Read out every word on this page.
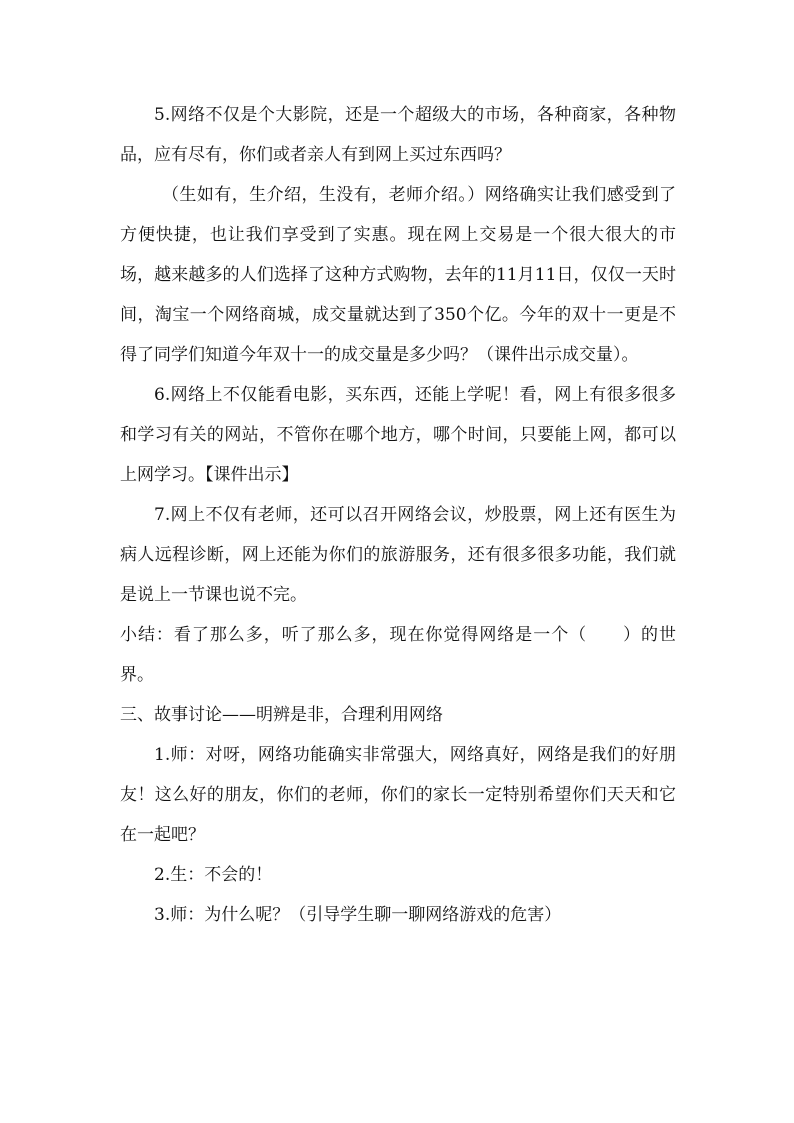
5.网络不仅是个大影院，还是一个超级大的市场，各种商家，各种物品，应有尽有，你们或者亲人有到网上买过东西吗？

（生如有，生介绍，生没有，老师介绍。）网络确实让我们感受到了方便快捷，也让我们享受到了实惠。现在网上交易是一个很大很大的市场，越来越多的人们选择了这种方式购物，去年的11月11日，仅仅一天时间，淘宝一个网络商城，成交量就达到了350个亿。今年的双十一更是不得了同学们知道今年双十一的成交量是多少吗？（课件出示成交量）。

6.网络上不仅能看电影，买东西，还能上学呢！看，网上有很多很多和学习有关的网站，不管你在哪个地方，哪个时间，只要能上网，都可以上网学习。【课件出示】

7.网上不仅有老师，还可以召开网络会议，炒股票，网上还有医生为病人远程诊断，网上还能为你们的旅游服务，还有很多很多功能，我们就是说上一节课也说不完。

小结：看了那么多，听了那么多，现在你觉得网络是一个（　　）的世界。

三、故事讨论——明辨是非，合理利用网络

1.师：对呀，网络功能确实非常强大，网络真好，网络是我们的好朋友！这么好的朋友，你们的老师，你们的家长一定特别希望你们天天和它在一起吧？

2.生：不会的！

3.师：为什么呢？（引导学生聊一聊网络游戏的危害）
